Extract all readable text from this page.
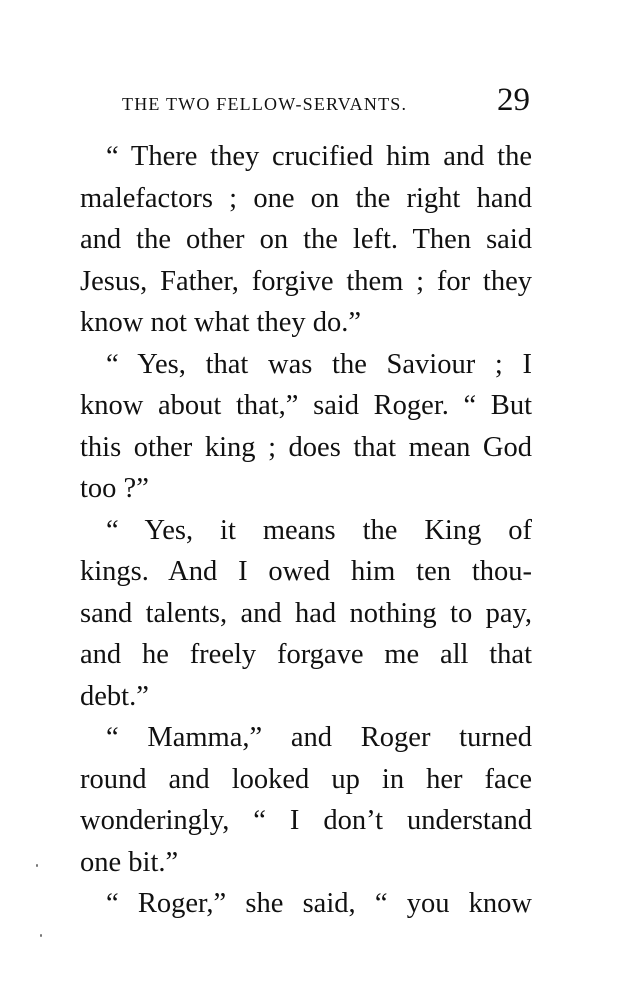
THE TWO FELLOW-SERVANTS.	29
“ There they crucified him and the
malefactors ; one on the right hand
and the other on the left. Then said
Jesus, Father, forgive them ; for they
know not what they do.”
“ Yes, that was the Saviour ; I
know about that,” said Roger. “ But
this other king ; does that mean God
too ?”
“ Yes, it means the King of
kings. And I owed him ten thou-
sand talents, and had nothing to pay,
and he freely forgave me all that
debt.”
“ Mamma,” and Roger turned
round and looked up in her face
wonderingly, “ I don’t understand
one bit.”
“ Roger,” she said, “ you know
